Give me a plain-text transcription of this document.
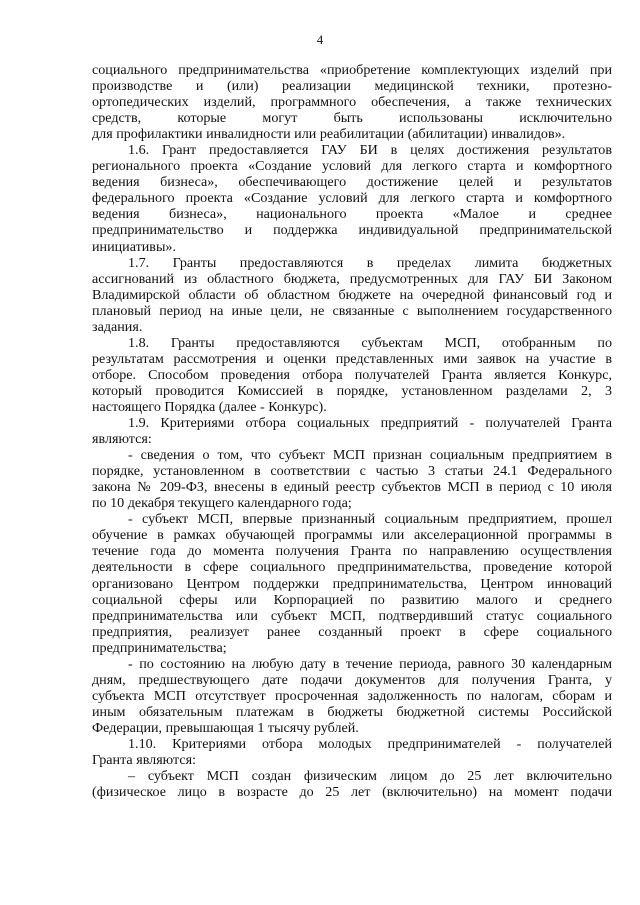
4
социального предпринимательства «приобретение комплектующих изделий при
производстве и (или) реализации медицинской техники, протезно-
ортопедических изделий, программного обеспечения, а также технических
средств, которые могут быть использованы исключительно
для профилактики инвалидности или реабилитации (абилитации) инвалидов».
1.6. Грант предоставляется ГАУ БИ в целях достижения результатов
регионального проекта «Создание условий для легкого старта и комфортного
ведения бизнеса», обеспечивающего достижение целей и результатов
федерального проекта «Создание условий для легкого старта и комфортного
ведения бизнеса», национального проекта «Малое и среднее
предпринимательство и поддержка индивидуальной предпринимательской
инициативы».
1.7. Гранты предоставляются в пределах лимита бюджетных
ассигнований из областного бюджета, предусмотренных для ГАУ БИ Законом
Владимирской области об областном бюджете на очередной финансовый год и
плановый период на иные цели, не связанные с выполнением государственного
задания.
1.8. Гранты предоставляются субъектам МСП, отобранным по
результатам рассмотрения и оценки представленных ими заявок на участие в
отборе. Способом проведения отбора получателей Гранта является Конкурс,
который проводится Комиссией в порядке, установленном разделами 2, 3
настоящего Порядка (далее - Конкурс).
1.9. Критериями отбора социальных предприятий - получателей Гранта
являются:
- сведения о том, что субъект МСП признан социальным предприятием в
порядке, установленном в соответствии с частью 3 статьи 24.1 Федерального
закона № 209-ФЗ, внесены в единый реестр субъектов МСП в период с 10 июля
по 10 декабря текущего календарного года;
- субъект МСП, впервые признанный социальным предприятием, прошел
обучение в рамках обучающей программы или акселерационной программы в
течение года до момента получения Гранта по направлению осуществления
деятельности в сфере социального предпринимательства, проведение которой
организовано Центром поддержки предпринимательства, Центром инноваций
социальной сферы или Корпорацией по развитию малого и среднего
предпринимательства или субъект МСП, подтвердивший статус социального
предприятия, реализует ранее созданный проект в сфере социального
предпринимательства;
- по состоянию на любую дату в течение периода, равного 30 календарным
дням, предшествующего дате подачи документов для получения Гранта, у
субъекта МСП отсутствует просроченная задолженность по налогам, сборам и
иным обязательным платежам в бюджеты бюджетной системы Российской
Федерации, превышающая 1 тысячу рублей.
1.10. Критериями отбора молодых предпринимателей - получателей
Гранта являются:
– субъект МСП создан физическим лицом до 25 лет включительно
(физическое лицо в возрасте до 25 лет (включительно) на момент подачи
